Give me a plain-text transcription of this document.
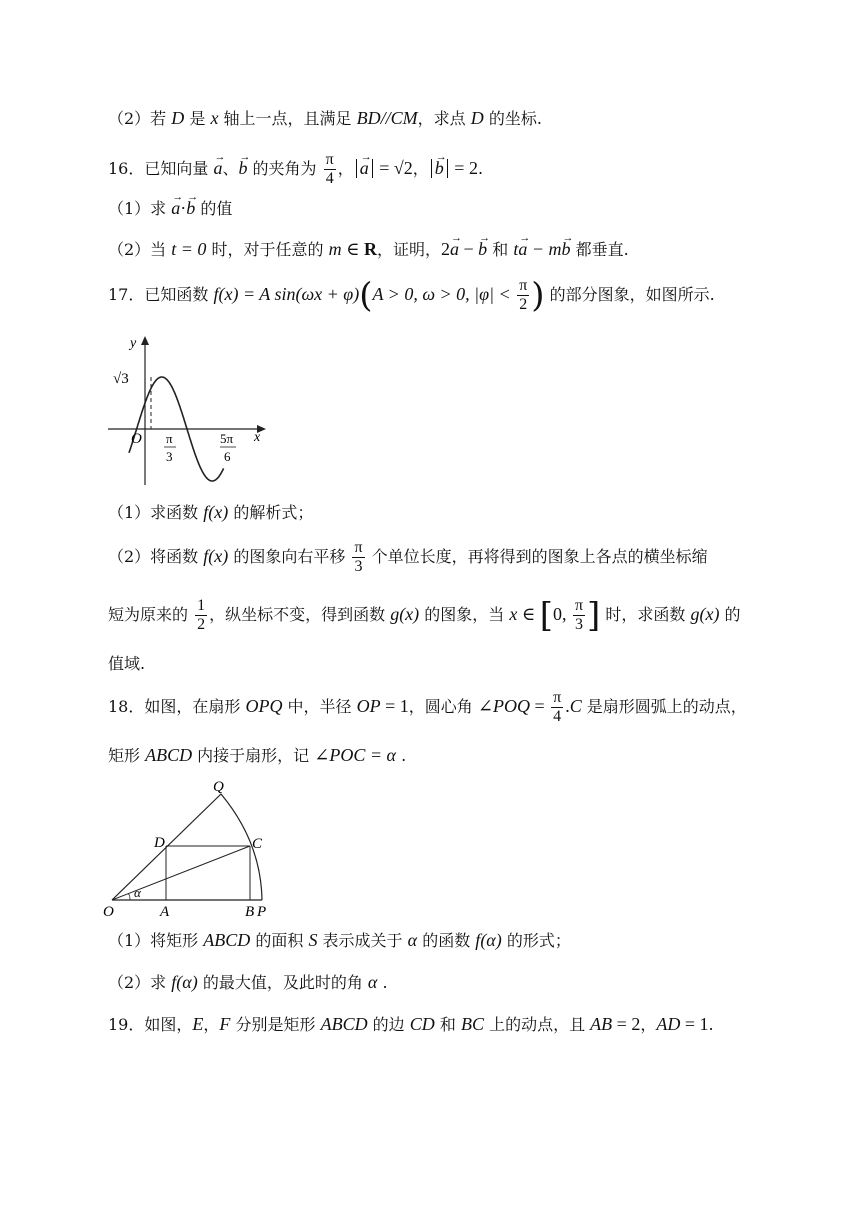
（2）若 D 是 x 轴上一点，且满足 BD//CM，求点 D 的坐标.
16．已知向量 → a、→ b 的夹角为 $\frac{\pi}{4}$ ， → a = √2， → b = 2.
（1）求 → a·→ b 的值
（2）当 t = 0 时，对于任意的 m ∈ R，证明，2→ a − → b 和 t→ a − m→ b 都垂直.
17．已知函数 f(x) = A sin(ωx + φ)(A > 0, ω > 0, $|\varphi| < \frac{\pi}{2}$ ) 的部分图象，如图所示.
y
√3
O	x
π
3
5π
6
（1）求函数 f(x) 的解析式；
（2）将函数 f(x) 的图象向右平移 $\frac{\pi}{3}$ 个单位长度，再将得到的图象上各点的横坐标缩
短为原来的 $\frac{1}{2}$ ，纵坐标不变，得到函数 g(x) 的图象，当 x ∈ [0, $\frac{\pi}{3}$ ] 时，求函数 g(x) 的
值域.
18．如图，在扇形 OPQ 中，半径 OP = 1，圆心角 ∠POQ = $\frac{\pi}{4} .C$ 是扇形圆弧上的动点，
矩形 ABCD 内接于扇形，记 ∠POC = α .
Q
D	C
O
α
A	B P
（1）将矩形 ABCD 的面积 S 表示成关于 α 的函数 f(α) 的形式；
（2）求 f(α) 的最大值，及此时的角 α .
19．如图，E，F 分别是矩形 ABCD 的边 CD 和 BC 上的动点，且 AB = 2，AD = 1.
